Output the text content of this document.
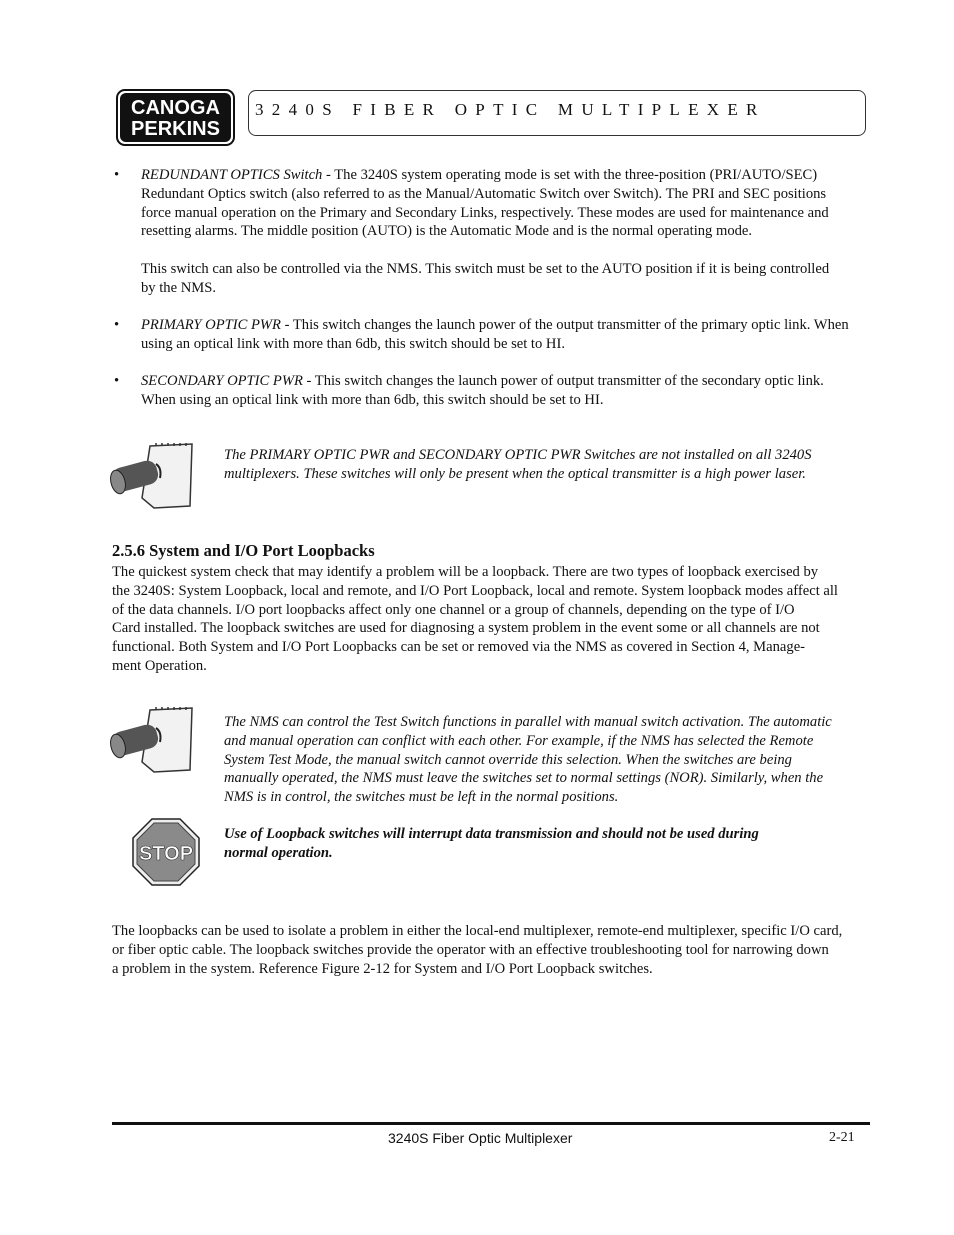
CANOGA
PERKINS
3240S FIBER OPTIC MULTIPLEXER
• REDUNDANT OPTICS Switch - The 3240S system operating mode is set with the three-position (PRI/AUTO/SEC)
Redundant Optics switch (also referred to as the Manual/Automatic Switch over Switch). The PRI and SEC positions
force manual operation on the Primary and Secondary Links, respectively. These modes are used for maintenance and
resetting alarms. The middle position (AUTO) is the Automatic Mode and is the normal operating mode.
This switch can also be controlled via the NMS. This switch must be set to the AUTO position if it is being controlled
by the NMS.
• PRIMARY OPTIC PWR - This switch changes the launch power of the output transmitter of the primary optic link. When
using an optical link with more than 6db, this switch should be set to HI.
• SECONDARY OPTIC PWR - This switch changes the launch power of output transmitter of the secondary optic link.
When using an optical link with more than 6db, this switch should be set to HI.
The PRIMARY OPTIC PWR and SECONDARY OPTIC PWR Switches are not installed on all 3240S
multiplexers. These switches will only be present when the optical transmitter is a high power laser.
2.5.6 System and I/O Port Loopbacks
The quickest system check that may identify a problem will be a loopback. There are two types of loopback exercised by
the 3240S: System Loopback, local and remote, and I/O Port Loopback, local and remote. System loopback modes affect all
of the data channels. I/O port loopbacks affect only one channel or a group of channels, depending on the type of I/O
Card installed. The loopback switches are used for diagnosing a system problem in the event some or all channels are not
functional. Both System and I/O Port Loopbacks can be set or removed via the NMS as covered in Section 4, Manage-
ment Operation.
The NMS can control the Test Switch functions in parallel with manual switch activation. The automatic
and manual operation can conflict with each other. For example, if the NMS has selected the Remote
System Test Mode, the manual switch cannot override this selection. When the switches are being
manually operated, the NMS must leave the switches set to normal settings (NOR). Similarly, when the
NMS is in control, the switches must be left in the normal positions.
STOP
Use of Loopback switches will interrupt data transmission and should not be used during
normal operation.
The loopbacks can be used to isolate a problem in either the local-end multiplexer, remote-end multiplexer, specific I/O card,
or fiber optic cable. The loopback switches provide the operator with an effective troubleshooting tool for narrowing down
a problem in the system. Reference Figure 2-12 for System and I/O Port Loopback switches.
3240S Fiber Optic Multiplexer	2-21
